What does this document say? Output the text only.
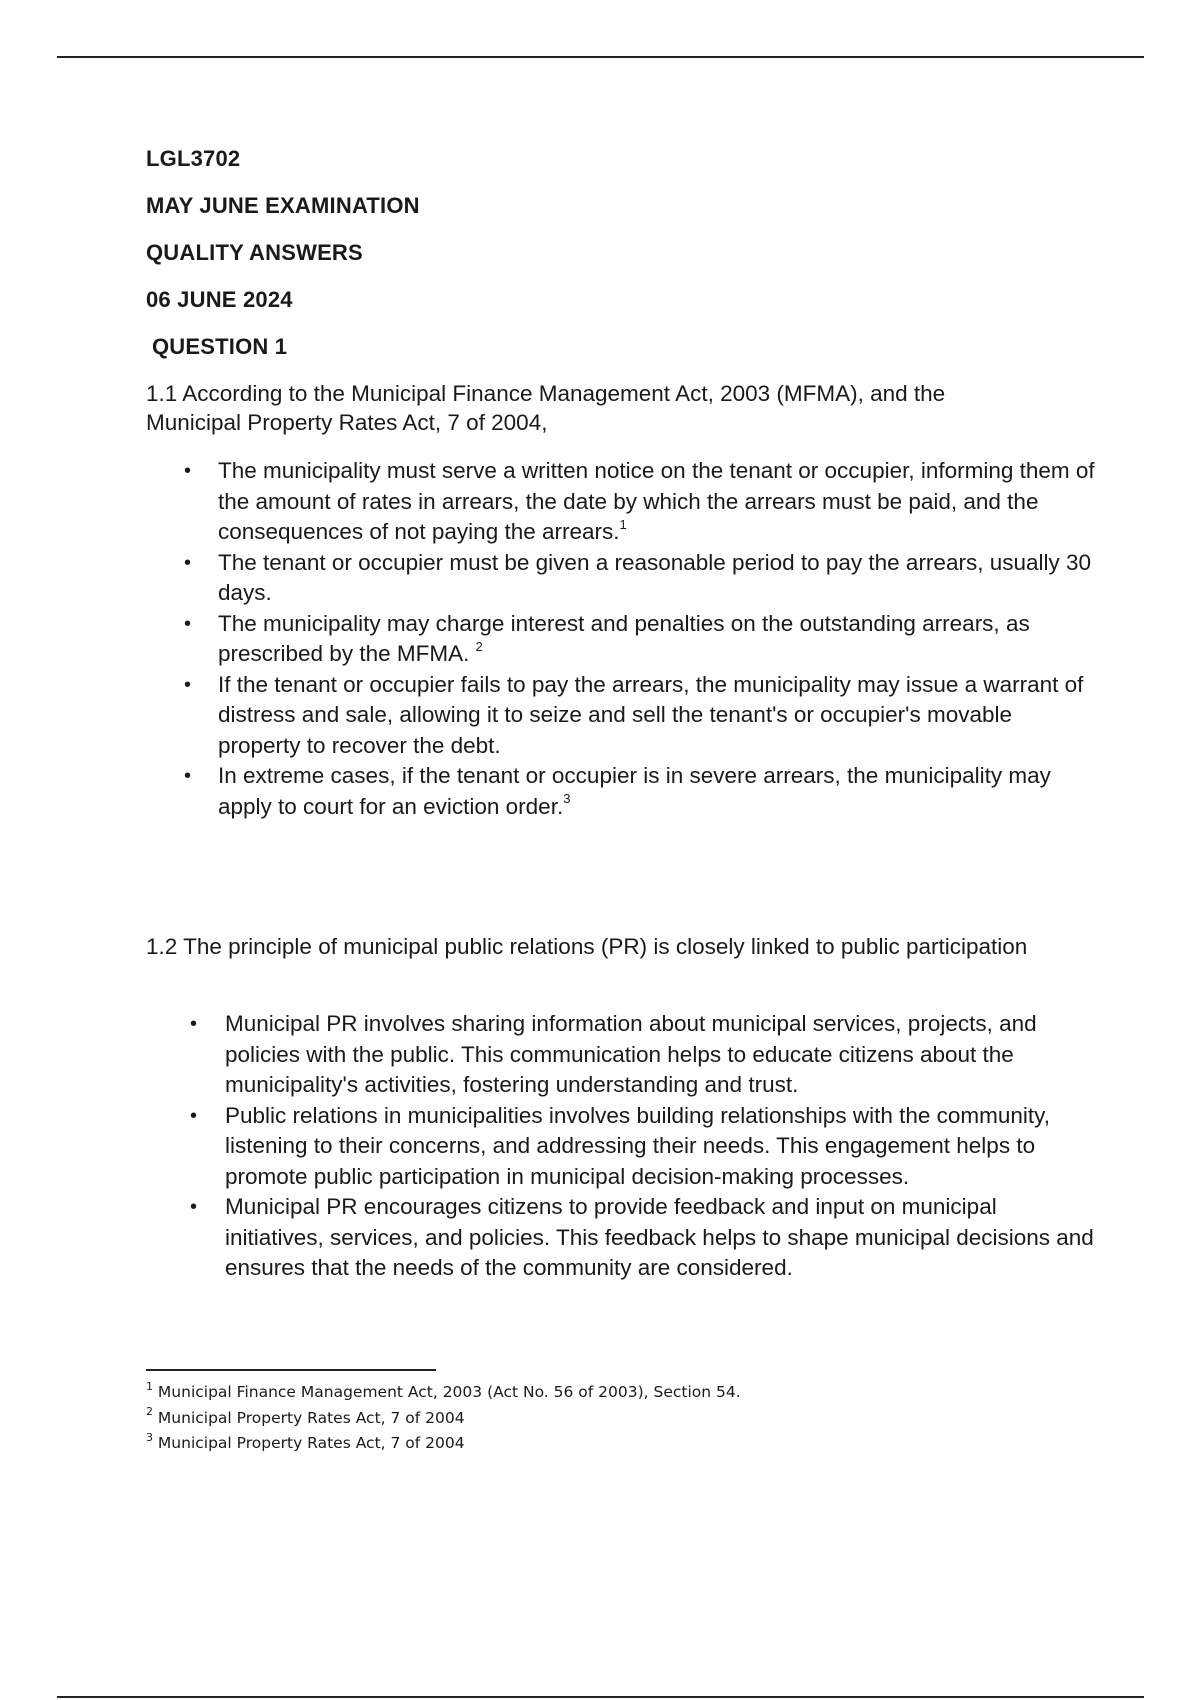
LGL3702

MAY JUNE EXAMINATION

QUALITY ANSWERS

06 JUNE 2024

QUESTION 1

1.1 According to the Municipal Finance Management Act, 2003 (MFMA), and the Municipal Property Rates Act, 7 of 2004,

• The municipality must serve a written notice on the tenant or occupier, informing them of the amount of rates in arrears, the date by which the arrears must be paid, and the consequences of not paying the arrears.$^1$
• The tenant or occupier must be given a reasonable period to pay the arrears, usually 30 days.
• The municipality may charge interest and penalties on the outstanding arrears, as prescribed by the MFMA. $^2$
• If the tenant or occupier fails to pay the arrears, the municipality may issue a warrant of distress and sale, allowing it to seize and sell the tenant's or occupier's movable property to recover the debt.
• In extreme cases, if the tenant or occupier is in severe arrears, the municipality may apply to court for an eviction order.$^3$

1.2 The principle of municipal public relations (PR) is closely linked to public participation

• Municipal PR involves sharing information about municipal services, projects, and policies with the public. This communication helps to educate citizens about the municipality's activities, fostering understanding and trust.
• Public relations in municipalities involves building relationships with the community, listening to their concerns, and addressing their needs. This engagement helps to promote public participation in municipal decision-making processes.
• Municipal PR encourages citizens to provide feedback and input on municipal initiatives, services, and policies. This feedback helps to shape municipal decisions and ensures that the needs of the community are considered.
$^1$ Municipal Finance Management Act, 2003 (Act No. 56 of 2003), Section 54.
$^2$ Municipal Property Rates Act, 7 of 2004
$^3$ Municipal Property Rates Act, 7 of 2004
